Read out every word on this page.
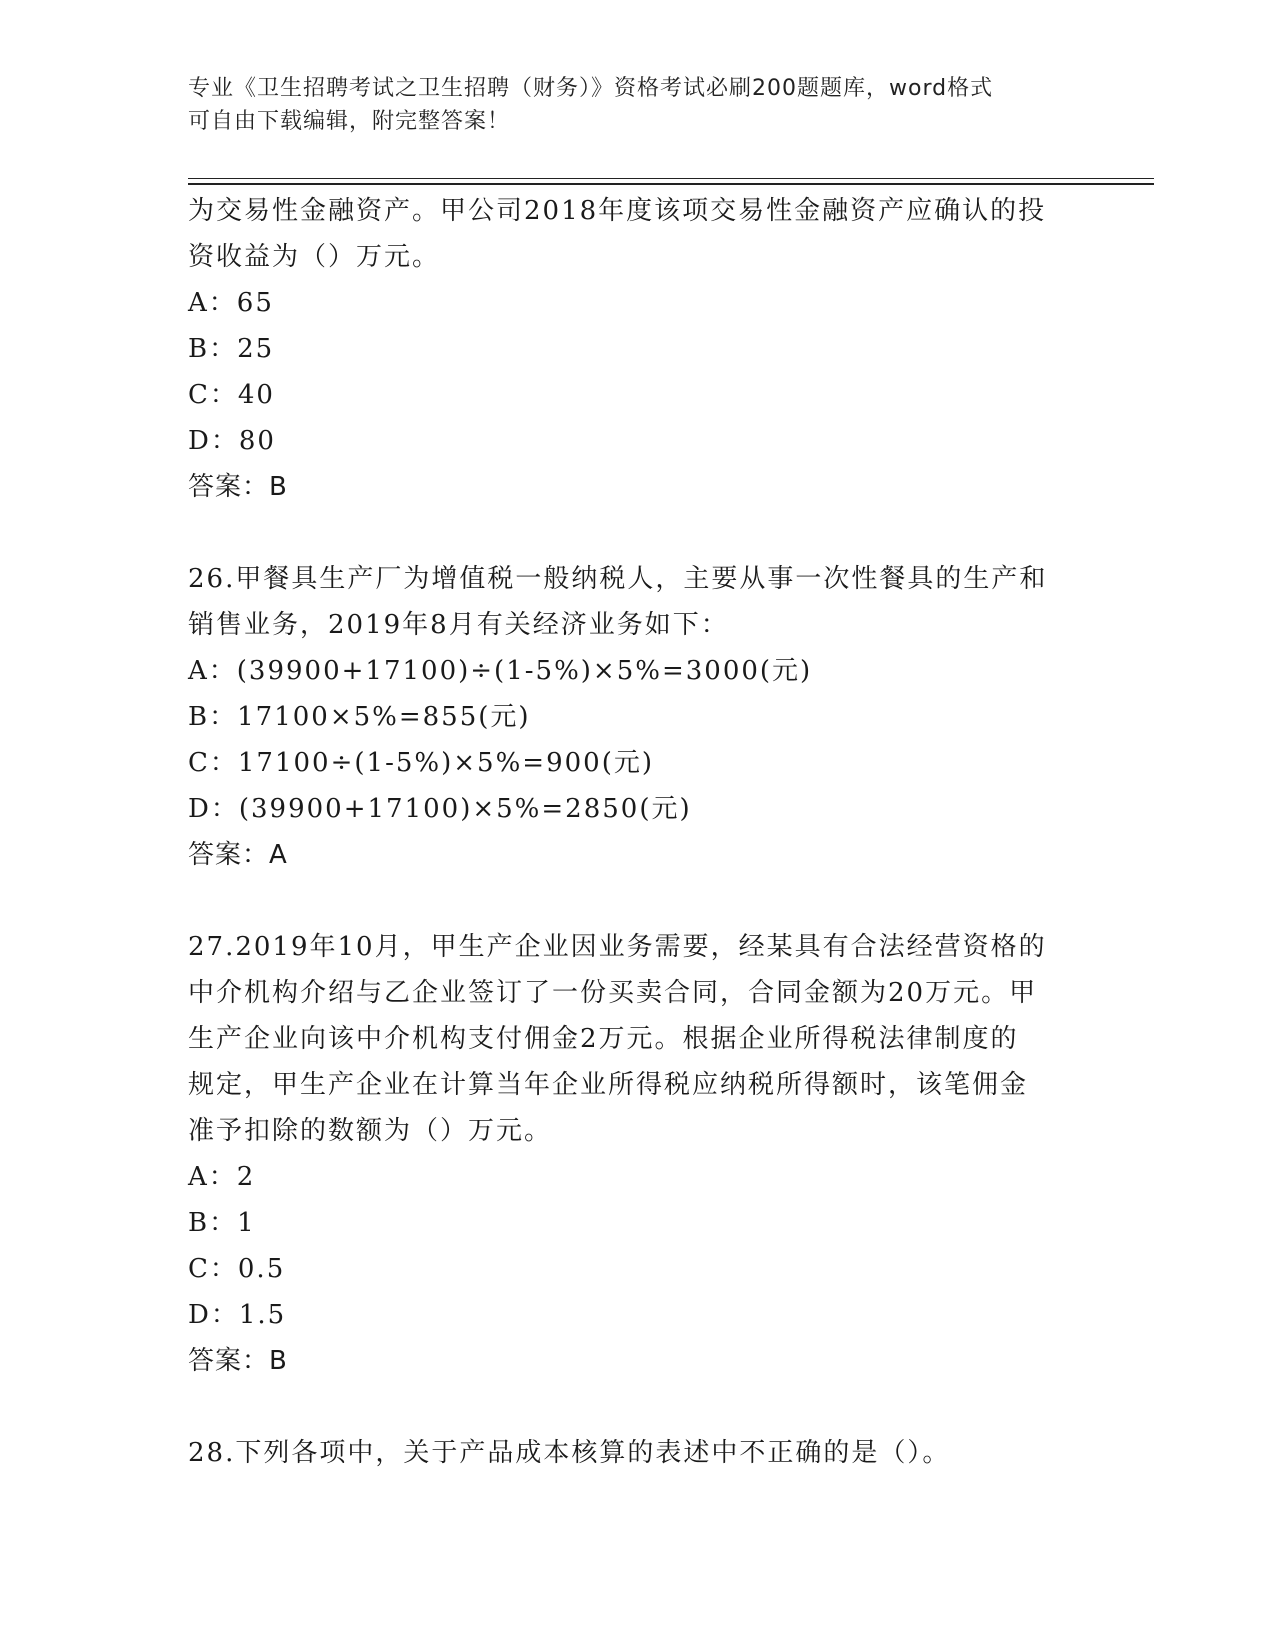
专业《卫生招聘考试之卫生招聘（财务）》资格考试必刷200题题库，word格式
可自由下载编辑，附完整答案！
为交易性金融资产。甲公司2018年度该项交易性金融资产应确认的投
资收益为（）万元。
A：65
B：25
C：40
D：80
答案：B
26.甲餐具生产厂为增值税一般纳税人，主要从事一次性餐具的生产和
销售业务，2019年8月有关经济业务如下：
A：(39900+17100)÷(1-5%)×5%=3000(元)
B：17100×5%=855(元)
C：17100÷(1-5%)×5%=900(元)
D：(39900+17100)×5%=2850(元)
答案：A
27.2019年10月，甲生产企业因业务需要，经某具有合法经营资格的
中介机构介绍与乙企业签订了一份买卖合同，合同金额为20万元。甲
生产企业向该中介机构支付佣金2万元。根据企业所得税法律制度的
规定，甲生产企业在计算当年企业所得税应纳税所得额时，该笔佣金
准予扣除的数额为（）万元。
A：2
B：1
C：0.5
D：1.5
答案：B
28.下列各项中，关于产品成本核算的表述中不正确的是（）。
